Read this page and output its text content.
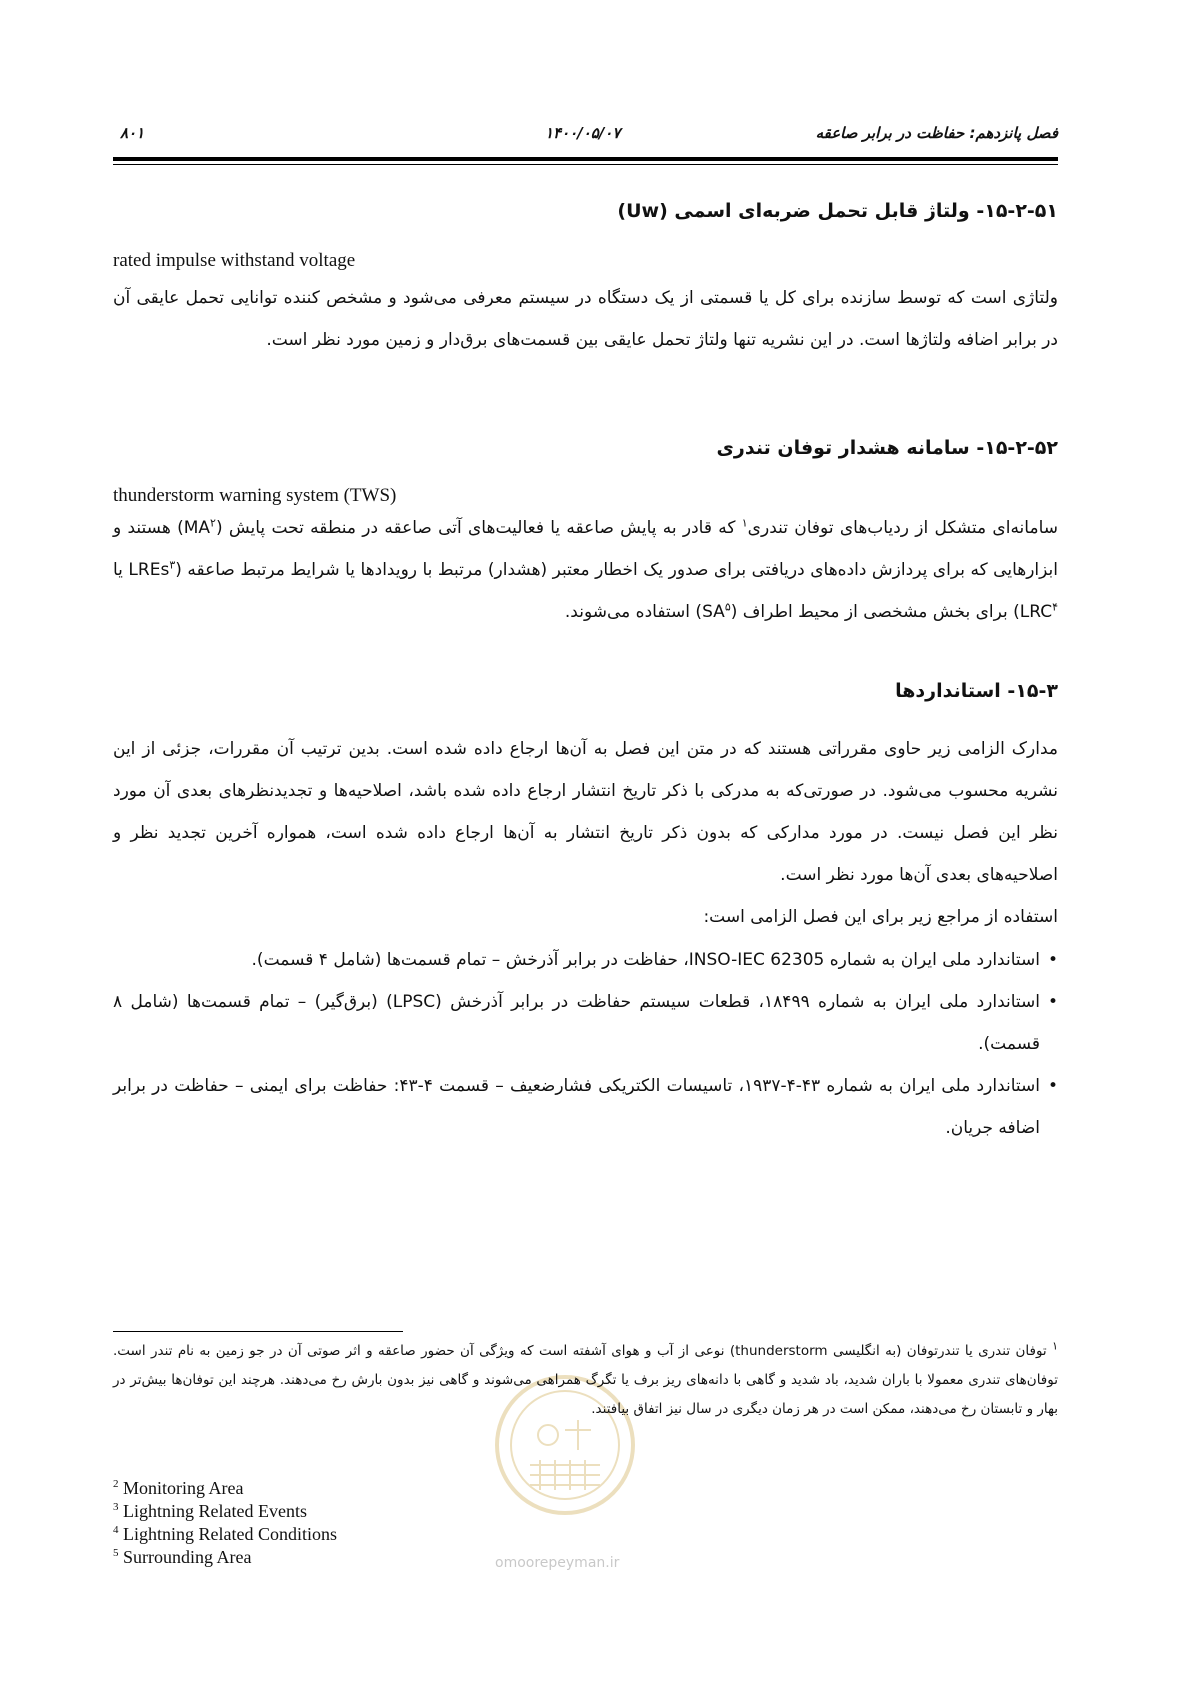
فصل پانزدهم: حفاظت در برابر صاعقه
۱۴۰۰/۰۵/۰۷
۸۰۱
۱۵-۲-۵۱- ولتاژ قابل تحمل ضربه‌ای اسمی (Uw)
rated impulse withstand voltage

ولتاژی است که توسط سازنده برای کل یا قسمتی از یک دستگاه در سیستم معرفی می‌شود و مشخص کننده توانایی تحمل عایقی آن در برابر اضافه ولتاژها است. در این نشریه تنها ولتاژ تحمل عایقی بین قسمت‌های برق‌دار و زمین مورد نظر است.

۱۵-۲-۵۲- سامانه هشدار توفان تندری
thunderstorm warning system (TWS)

سامانه‌ای متشکل از ردیاب‌های توفان تندری$^۱$ که قادر به پایش صاعقه یا فعالیت‌های آتی صاعقه در منطقه تحت پایش $(MA^۲)$ هستند و ابزارهایی که برای پردازش داده‌های دریافتی برای صدور یک اخطار معتبر (هشدار) مرتبط با رویدادها یا شرایط مرتبط صاعقه (LREs$^۳$ یا LRC$^۴$) برای بخش مشخصی از محیط اطراف $(SA^۵)$ استفاده می‌شوند.

۱۵-۳- استانداردها

مدارک الزامی زیر حاوی مقرراتی هستند که در متن این فصل به آن‌ها ارجاع داده شده است. بدین ترتیب آن مقررات، جزئی از این نشریه محسوب می‌شود. در صورتی‌که به مدرکی با ذکر تاریخ انتشار ارجاع داده شده باشد، اصلاحیه‌ها و تجدیدنظرهای بعدی آن مورد نظر این فصل نیست. در مورد مدارکی که بدون ذکر تاریخ انتشار به آن‌ها ارجاع داده شده است، همواره آخرین تجدید نظر و اصلاحیه‌های بعدی آن‌ها مورد نظر است.

استفاده از مراجع زیر برای این فصل الزامی است:

•
استاندارد ملی ایران به شماره INSO-IEC 62305، حفاظت در برابر آذرخش – تمام قسمت‌ها (شامل ۴ قسمت).
•
استاندارد ملی ایران به شماره ۱۸۴۹۹، قطعات سیستم حفاظت در برابر آذرخش (LPSC) (برق‌گیر) – تمام قسمت‌ها (شامل ۸ قسمت).
•
استاندارد ملی ایران به شماره ۴۳-۴-۱۹۳۷، تاسیسات الکتریکی فشارضعیف – قسمت ۴-۴۳: حفاظت برای ایمنی – حفاظت در برابر اضافه جریان.
omoorepeyman.ir
$^۱$ توفان تندری یا تندرتوفان (به انگلیسی thunderstorm) نوعی از آب و هوای آشفته است که ویژگی آن حضور صاعقه و اثر صوتی آن در جو زمین به نام تندر است. توفان‌های تندری معمولا با باران شدید، باد شدید و گاهی با دانه‌های ریز برف یا تگرگ همراهی می‌شوند و گاهی نیز بدون بارش رخ می‌دهند. هرچند این توفان‌ها بیش‌تر در بهار و تابستان رخ می‌دهند، ممکن است در هر زمان دیگری در سال نیز اتفاق بیافتند.
$^2$ Monitoring Area
$^3$ Lightning Related Events
$^4$ Lightning Related Conditions
$^5$ Surrounding Area
